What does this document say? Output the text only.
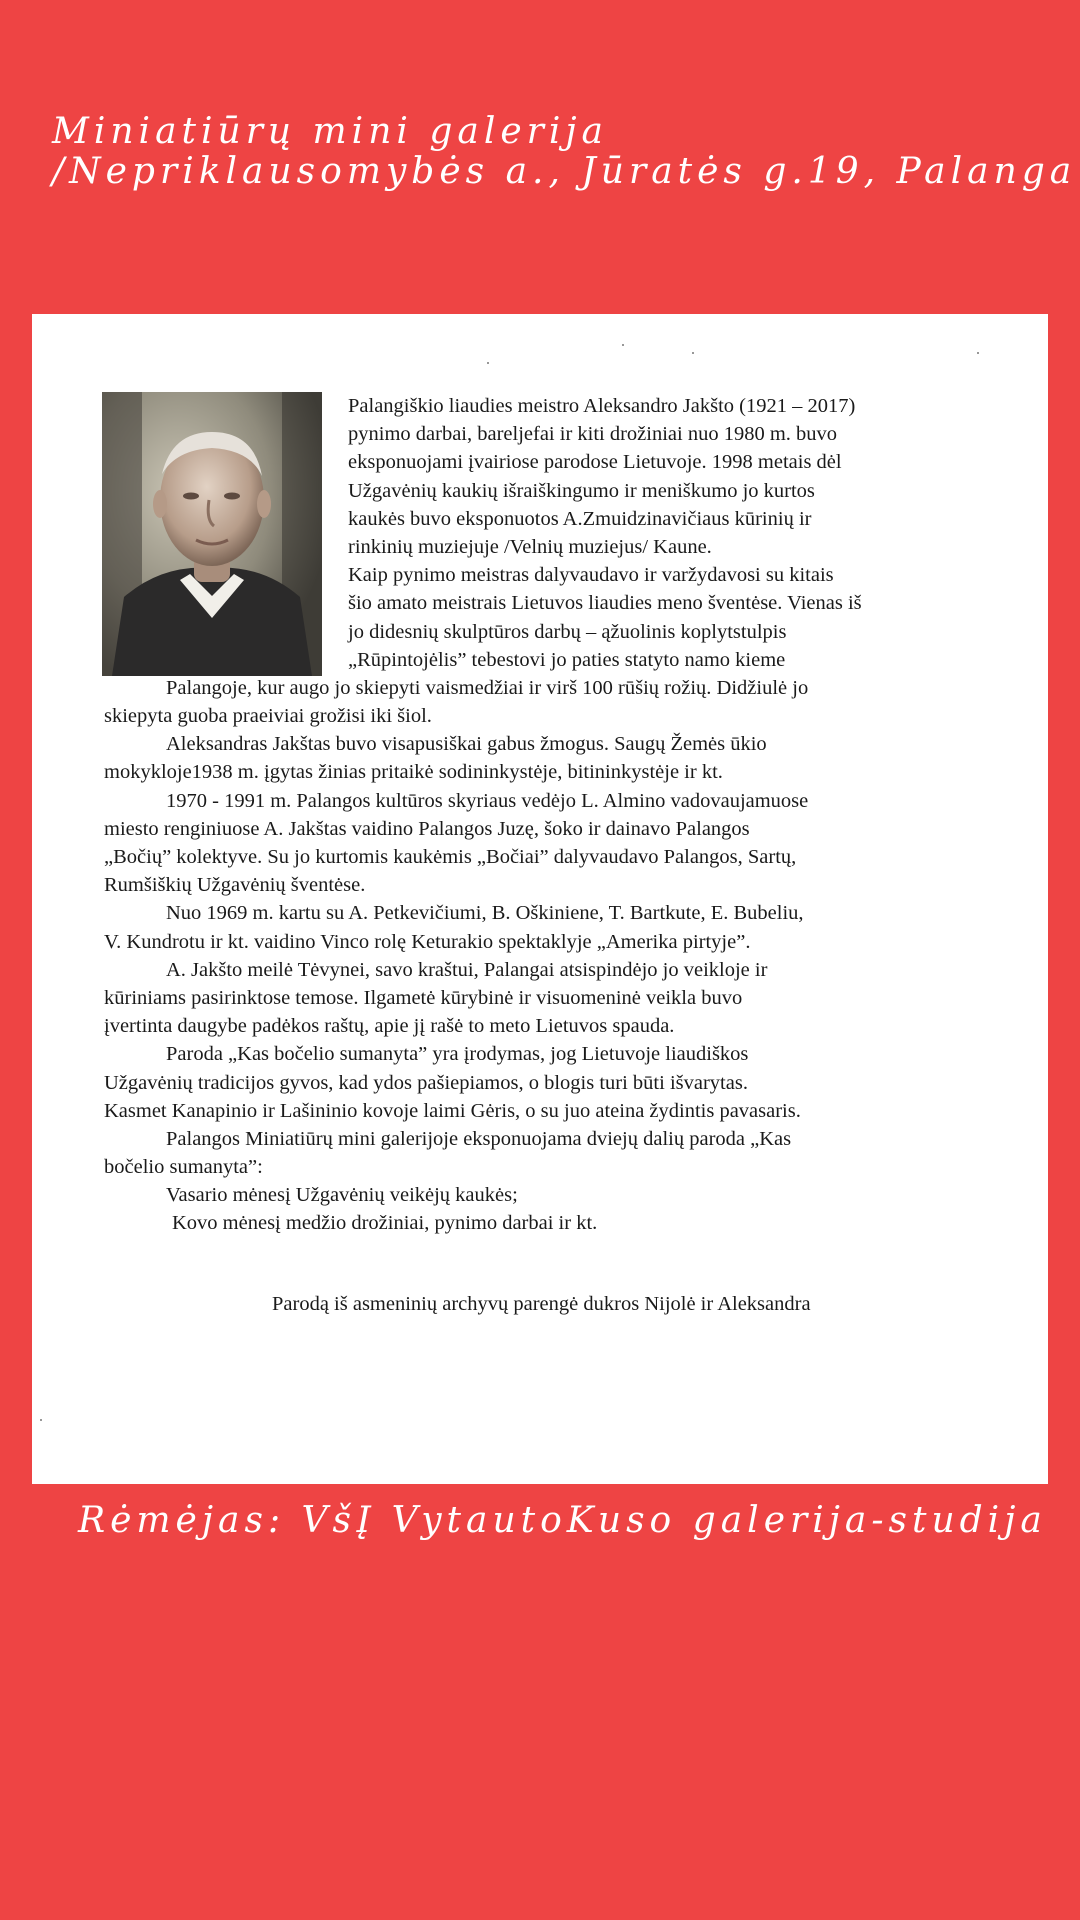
Miniatiūrų mini galerija
/Nepriklausomybės a., Jūratės g.19, Palanga
Palangiškio liaudies meistro Aleksandro Jakšto (1921 – 2017)
pynimo darbai, bareljefai ir kiti drožiniai nuo 1980 m. buvo
eksponuojami įvairiose parodose Lietuvoje. 1998 metais dėl
Užgavėnių kaukių išraiškingumo ir meniškumo jo kurtos
kaukės buvo eksponuotos A.Zmuidzinavičiaus kūrinių ir
rinkinių muziejuje /Velnių muziejus/ Kaune.
Kaip pynimo meistras dalyvaudavo ir varžydavosi su kitais
šio amato meistrais Lietuvos liaudies meno šventėse. Vienas iš
jo didesnių skulptūros darbų – ąžuolinis koplytstulpis
„Rūpintojėlis” tebestovi jo paties statyto namo kieme
Palangoje, kur augo jo skiepyti vaismedžiai ir virš 100 rūšių rožių. Didžiulė jo
skiepyta guoba praeiviai grožisi iki šiol.
Aleksandras Jakštas buvo visapusiškai gabus žmogus. Saugų Žemės ūkio
mokykloje1938 m. įgytas žinias pritaikė sodininkystėje, bitininkystėje ir kt.
1970 - 1991 m. Palangos kultūros skyriaus vedėjo L. Almino vadovaujamuose
miesto renginiuose A. Jakštas vaidino Palangos Juzę, šoko ir dainavo Palangos
„Bočių” kolektyve. Su jo kurtomis kaukėmis „Bočiai” dalyvaudavo Palangos, Sartų,
Rumšiškių Užgavėnių šventėse.
Nuo 1969 m. kartu su A. Petkevičiumi, B. Oškiniene, T. Bartkute, E. Bubeliu,
V. Kundrotu ir kt. vaidino Vinco rolę Keturakio spektaklyje „Amerika pirtyje”.
A. Jakšto meilė Tėvynei, savo kraštui, Palangai atsispindėjo jo veikloje ir
kūriniams pasirinktose temose. Ilgametė kūrybinė ir visuomeninė veikla buvo
įvertinta daugybe padėkos raštų, apie jį rašė to meto Lietuvos spauda.
Paroda „Kas bočelio sumanyta” yra įrodymas, jog Lietuvoje liaudiškos
Užgavėnių tradicijos gyvos, kad ydos pašiepiamos, o blogis turi būti išvarytas.
Kasmet Kanapinio ir Lašininio kovoje laimi Gėris, o su juo ateina žydintis pavasaris.
Palangos Miniatiūrų mini galerijoje eksponuojama dviejų dalių paroda „Kas
bočelio sumanyta”:
Vasario mėnesį Užgavėnių veikėjų kaukės;
Kovo mėnesį medžio drožiniai, pynimo darbai ir kt.
Parodą iš asmeninių archyvų parengė dukros Nijolė ir Aleksandra
Rėmėjas: VšĮ VytautoKuso galerija-studija
